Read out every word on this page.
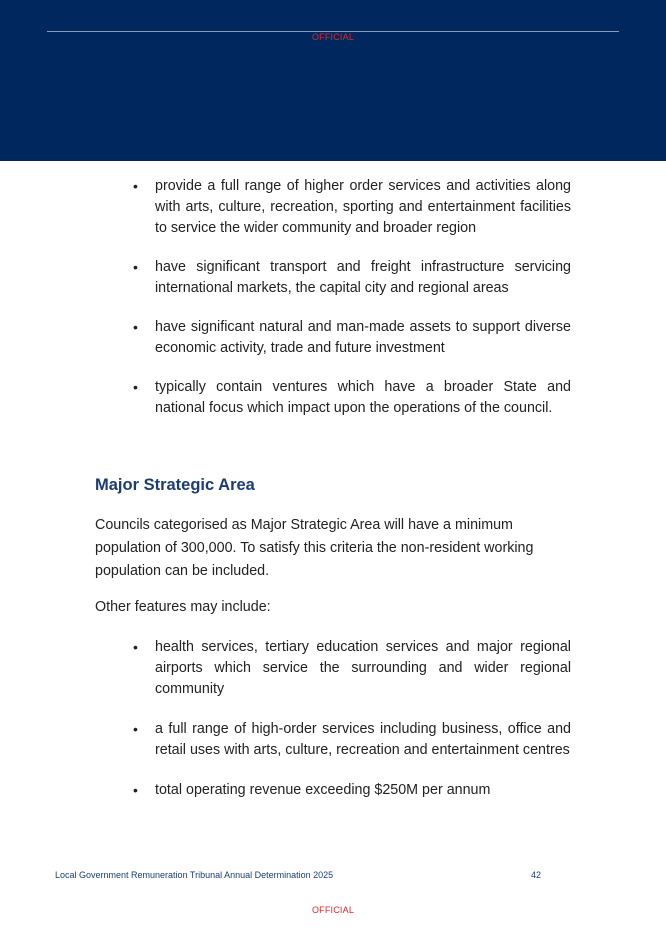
OFFICIAL
• provide a full range of higher order services and activities along with arts, culture, recreation, sporting and entertainment facilities to service the wider community and broader region
• have significant transport and freight infrastructure servicing international markets, the capital city and regional areas
• have significant natural and man-made assets to support diverse economic activity, trade and future investment
• typically contain ventures which have a broader State and national focus which impact upon the operations of the council.
Major Strategic Area

Councils categorised as Major Strategic Area will have a minimum population of 300,000. To satisfy this criteria the non-resident working population can be included.

Other features may include:

• health services, tertiary education services and major regional airports which service the surrounding and wider regional community
• a full range of high-order services including business, office and retail uses with arts, culture, recreation and entertainment centres
• total operating revenue exceeding $250M per annum
Local Government Remuneration Tribunal Annual Determination 2025	42
OFFICIAL
